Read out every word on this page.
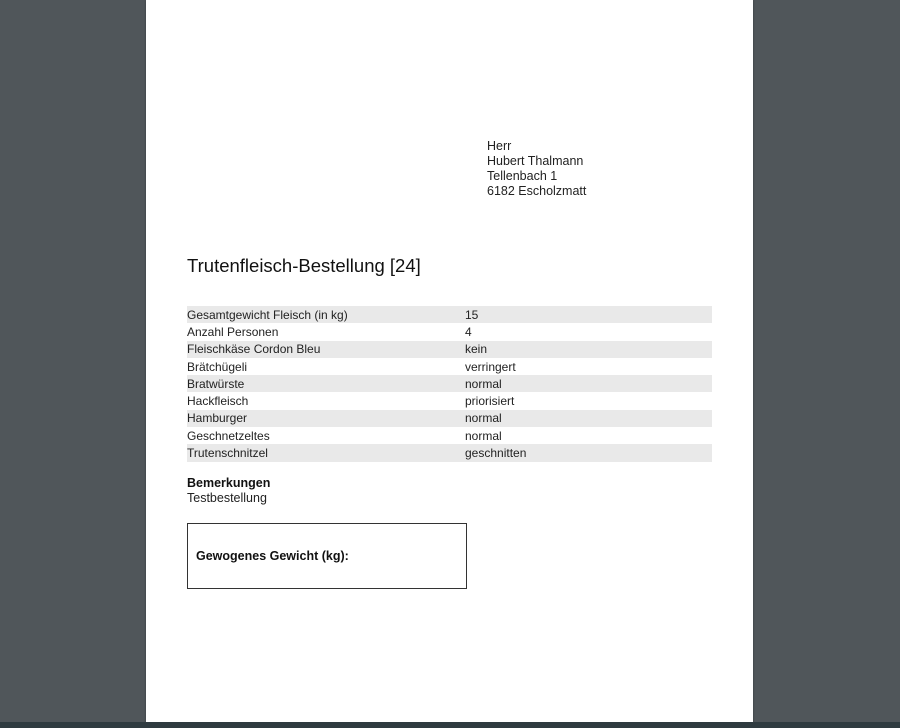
Herr
Hubert Thalmann
Tellenbach 1
6182 Escholzmatt
Trutenfleisch-Bestellung [24]
Gesamtgewicht Fleisch (in kg)	15
Anzahl Personen	4
Fleischkäse Cordon Bleu	kein
Brätchügeli	verringert
Bratwürste	normal
Hackfleisch	priorisiert
Hamburger	normal
Geschnetzeltes	normal
Trutenschnitzel	geschnitten
Bemerkungen
Testbestellung
Gewogenes Gewicht (kg):
